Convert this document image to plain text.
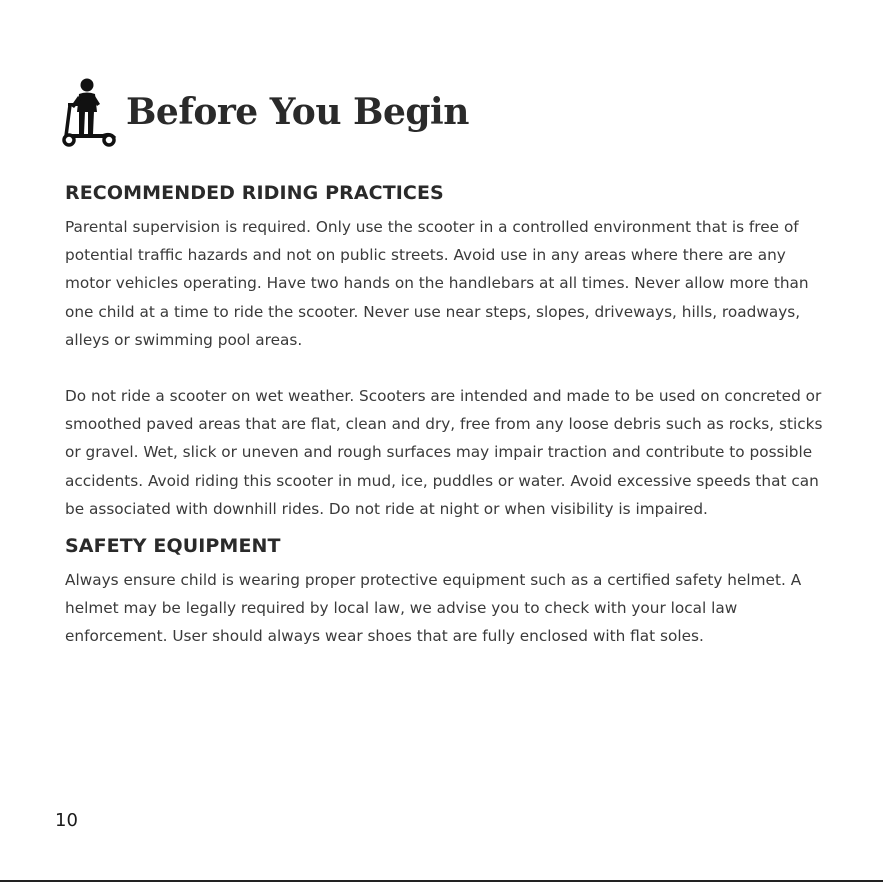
Before You Begin
RECOMMENDED RIDING PRACTICES

Parental supervision is required. Only use the scooter in a controlled environment that is free of potential traffic hazards and not on public streets. Avoid use in any areas where there are any motor vehicles operating. Have two hands on the handlebars at all times. Never allow more than one child at a time to ride the scooter. Never use near steps, slopes, driveways, hills, roadways, alleys or swimming pool areas.

Do not ride a scooter on wet weather. Scooters are intended and made to be used on concreted or smoothed paved areas that are flat, clean and dry, free from any loose debris such as rocks, sticks or gravel. Wet, slick or uneven and rough surfaces may impair traction and contribute to possible accidents. Avoid riding this scooter in mud, ice, puddles or water. Avoid excessive speeds that can be associated with downhill rides. Do not ride at night or when visibility is impaired.

SAFETY EQUIPMENT

Always ensure child is wearing proper protective equipment such as a certified safety helmet. A helmet may be legally required by local law, we advise you to check with your local law enforcement. User should always wear shoes that are fully enclosed with flat soles.

10
